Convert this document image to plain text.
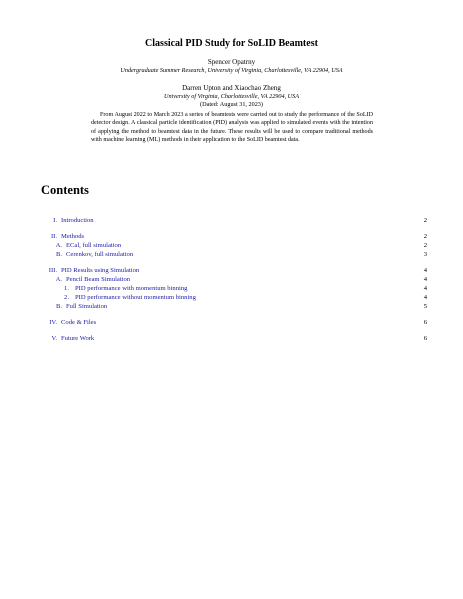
Classical PID Study for SoLID Beamtest
Spencer Opatrny
Undergraduate Summer Research, University of Virginia, Charlottesville, VA 22904, USA
Darren Upton and Xiaochao Zheng
University of Virginia, Charlottesville, VA 22904, USA
(Dated: August 31, 2023)
From August 2022 to March 2023 a series of beamtests were carried out to study the performance of the SoLID detector design. A classical particle identification (PID) analysis was applied to simulated events with the intention of applying the method to beamtest data in the future. These results will be used to compare traditional methods with machine learning (ML) methods in their application to the SoLID beamtest data.
Contents
I. Introduction	2
II. Methods	2
A. ECal, full simulation	2
B. Cerenkov, full simulation	3
III. PID Results using Simulation	4
A. Pencil Beam Simulation	4
1. PID performance with momentum binning	4
2. PID performance without momentum binning	4
B. Full Simulation	5
IV. Code & Files	6
V. Future Work	6
